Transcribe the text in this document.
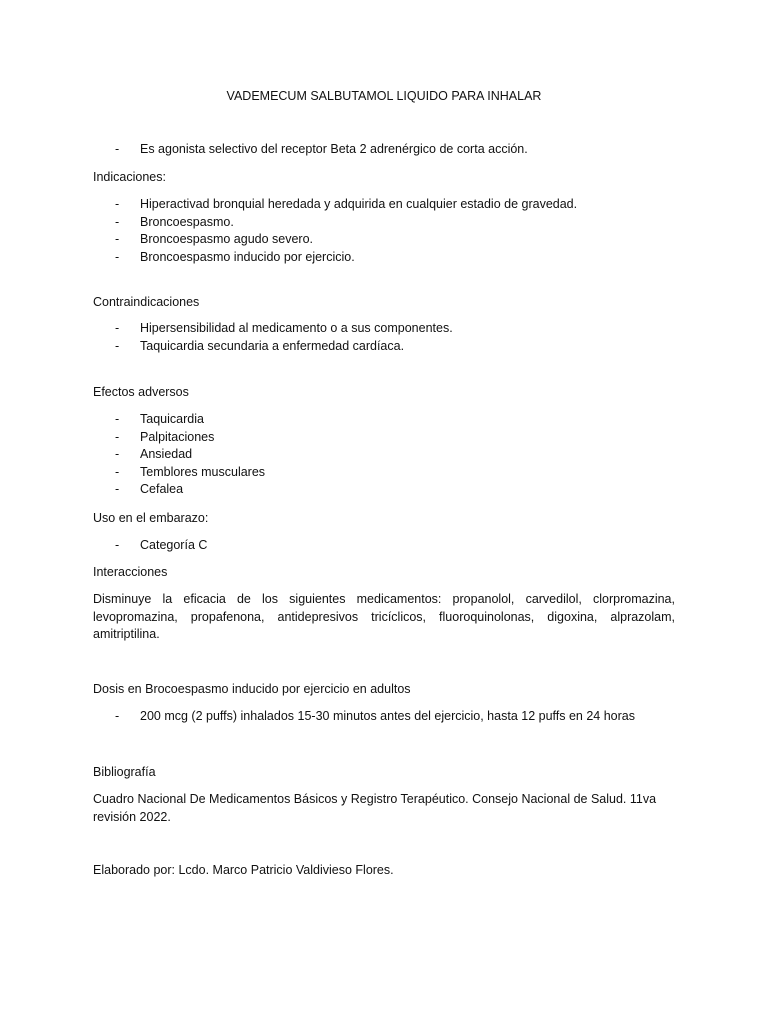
VADEMECUM SALBUTAMOL LIQUIDO PARA INHALAR
- Es agonista selectivo del receptor Beta 2 adrenérgico de corta acción.
Indicaciones:
- Hiperactivad bronquial heredada y adquirida en cualquier estadio de gravedad.
- Broncoespasmo.
- Broncoespasmo agudo severo.
- Broncoespasmo inducido por ejercicio.
Contraindicaciones
- Hipersensibilidad al medicamento o a sus componentes.
- Taquicardia secundaria a enfermedad cardíaca.
Efectos adversos
- Taquicardia
- Palpitaciones
- Ansiedad
- Temblores musculares
- Cefalea
Uso en el embarazo:
- Categoría C
Interacciones

Disminuye la eficacia de los siguientes medicamentos: propanolol, carvedilol, clorpromazina, levopromazina, propafenona, antidepresivos tricíclicos, fluoroquinolonas, digoxina, alprazolam, amitriptilina.

Dosis en Brocoespasmo inducido por ejercicio en adultos
- 200 mcg (2 puffs) inhalados 15-30 minutos antes del ejercicio, hasta 12 puffs en 24 horas
Bibliografía

Cuadro Nacional De Medicamentos Básicos y Registro Terapéutico. Consejo Nacional de Salud. 11va revisión 2022.

Elaborado por: Lcdo. Marco Patricio Valdivieso Flores.
